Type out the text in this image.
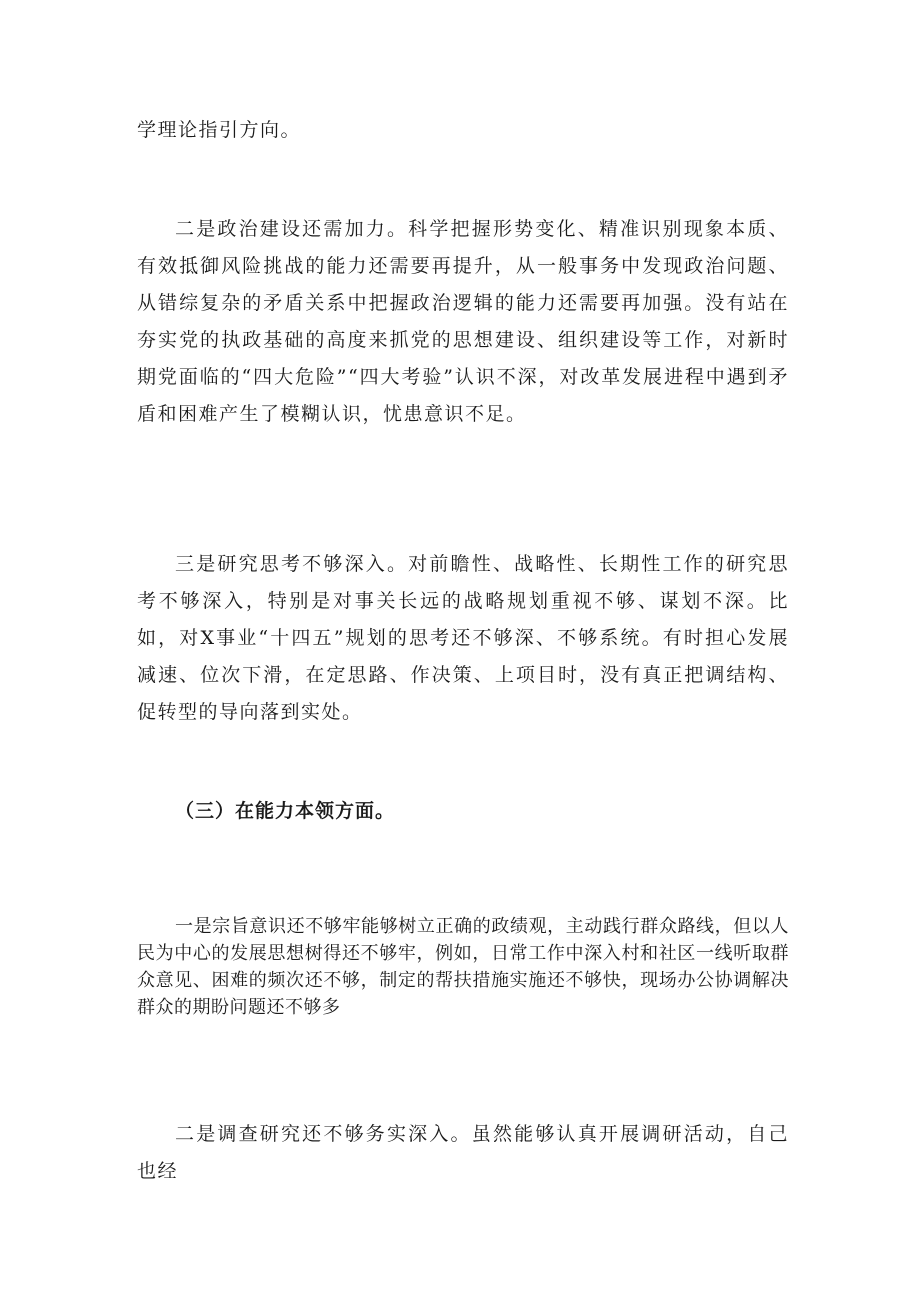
学理论指引方向。

二是政治建设还需加力。科学把握形势变化、精准识别现象本质、有效抵御风险挑战的能力还需要再提升，从一般事务中发现政治问题、从错综复杂的矛盾关系中把握政治逻辑的能力还需要再加强。没有站在夯实党的执政基础的高度来抓党的思想建设、组织建设等工作，对新时期党面临的“四大危险”“四大考验”认识不深，对改革发展进程中遇到矛盾和困难产生了模糊认识，忧患意识不足。

三是研究思考不够深入。对前瞻性、战略性、长期性工作的研究思考不够深入，特别是对事关长远的战略规划重视不够、谋划不深。比如，对X事业“十四五”规划的思考还不够深、不够系统。有时担心发展减速、位次下滑，在定思路、作决策、上项目时，没有真正把调结构、促转型的导向落到实处。

（三）在能力本领方面。

一是宗旨意识还不够牢能够树立正确的政绩观，主动践行群众路线，但以人民为中心的发展思想树得还不够牢，例如，日常工作中深入村和社区一线听取群众意见、困难的频次还不够，制定的帮扶措施实施还不够快，现场办公协调解决群众的期盼问题还不够多

二是调查研究还不够务实深入。虽然能够认真开展调研活动，自己也经
